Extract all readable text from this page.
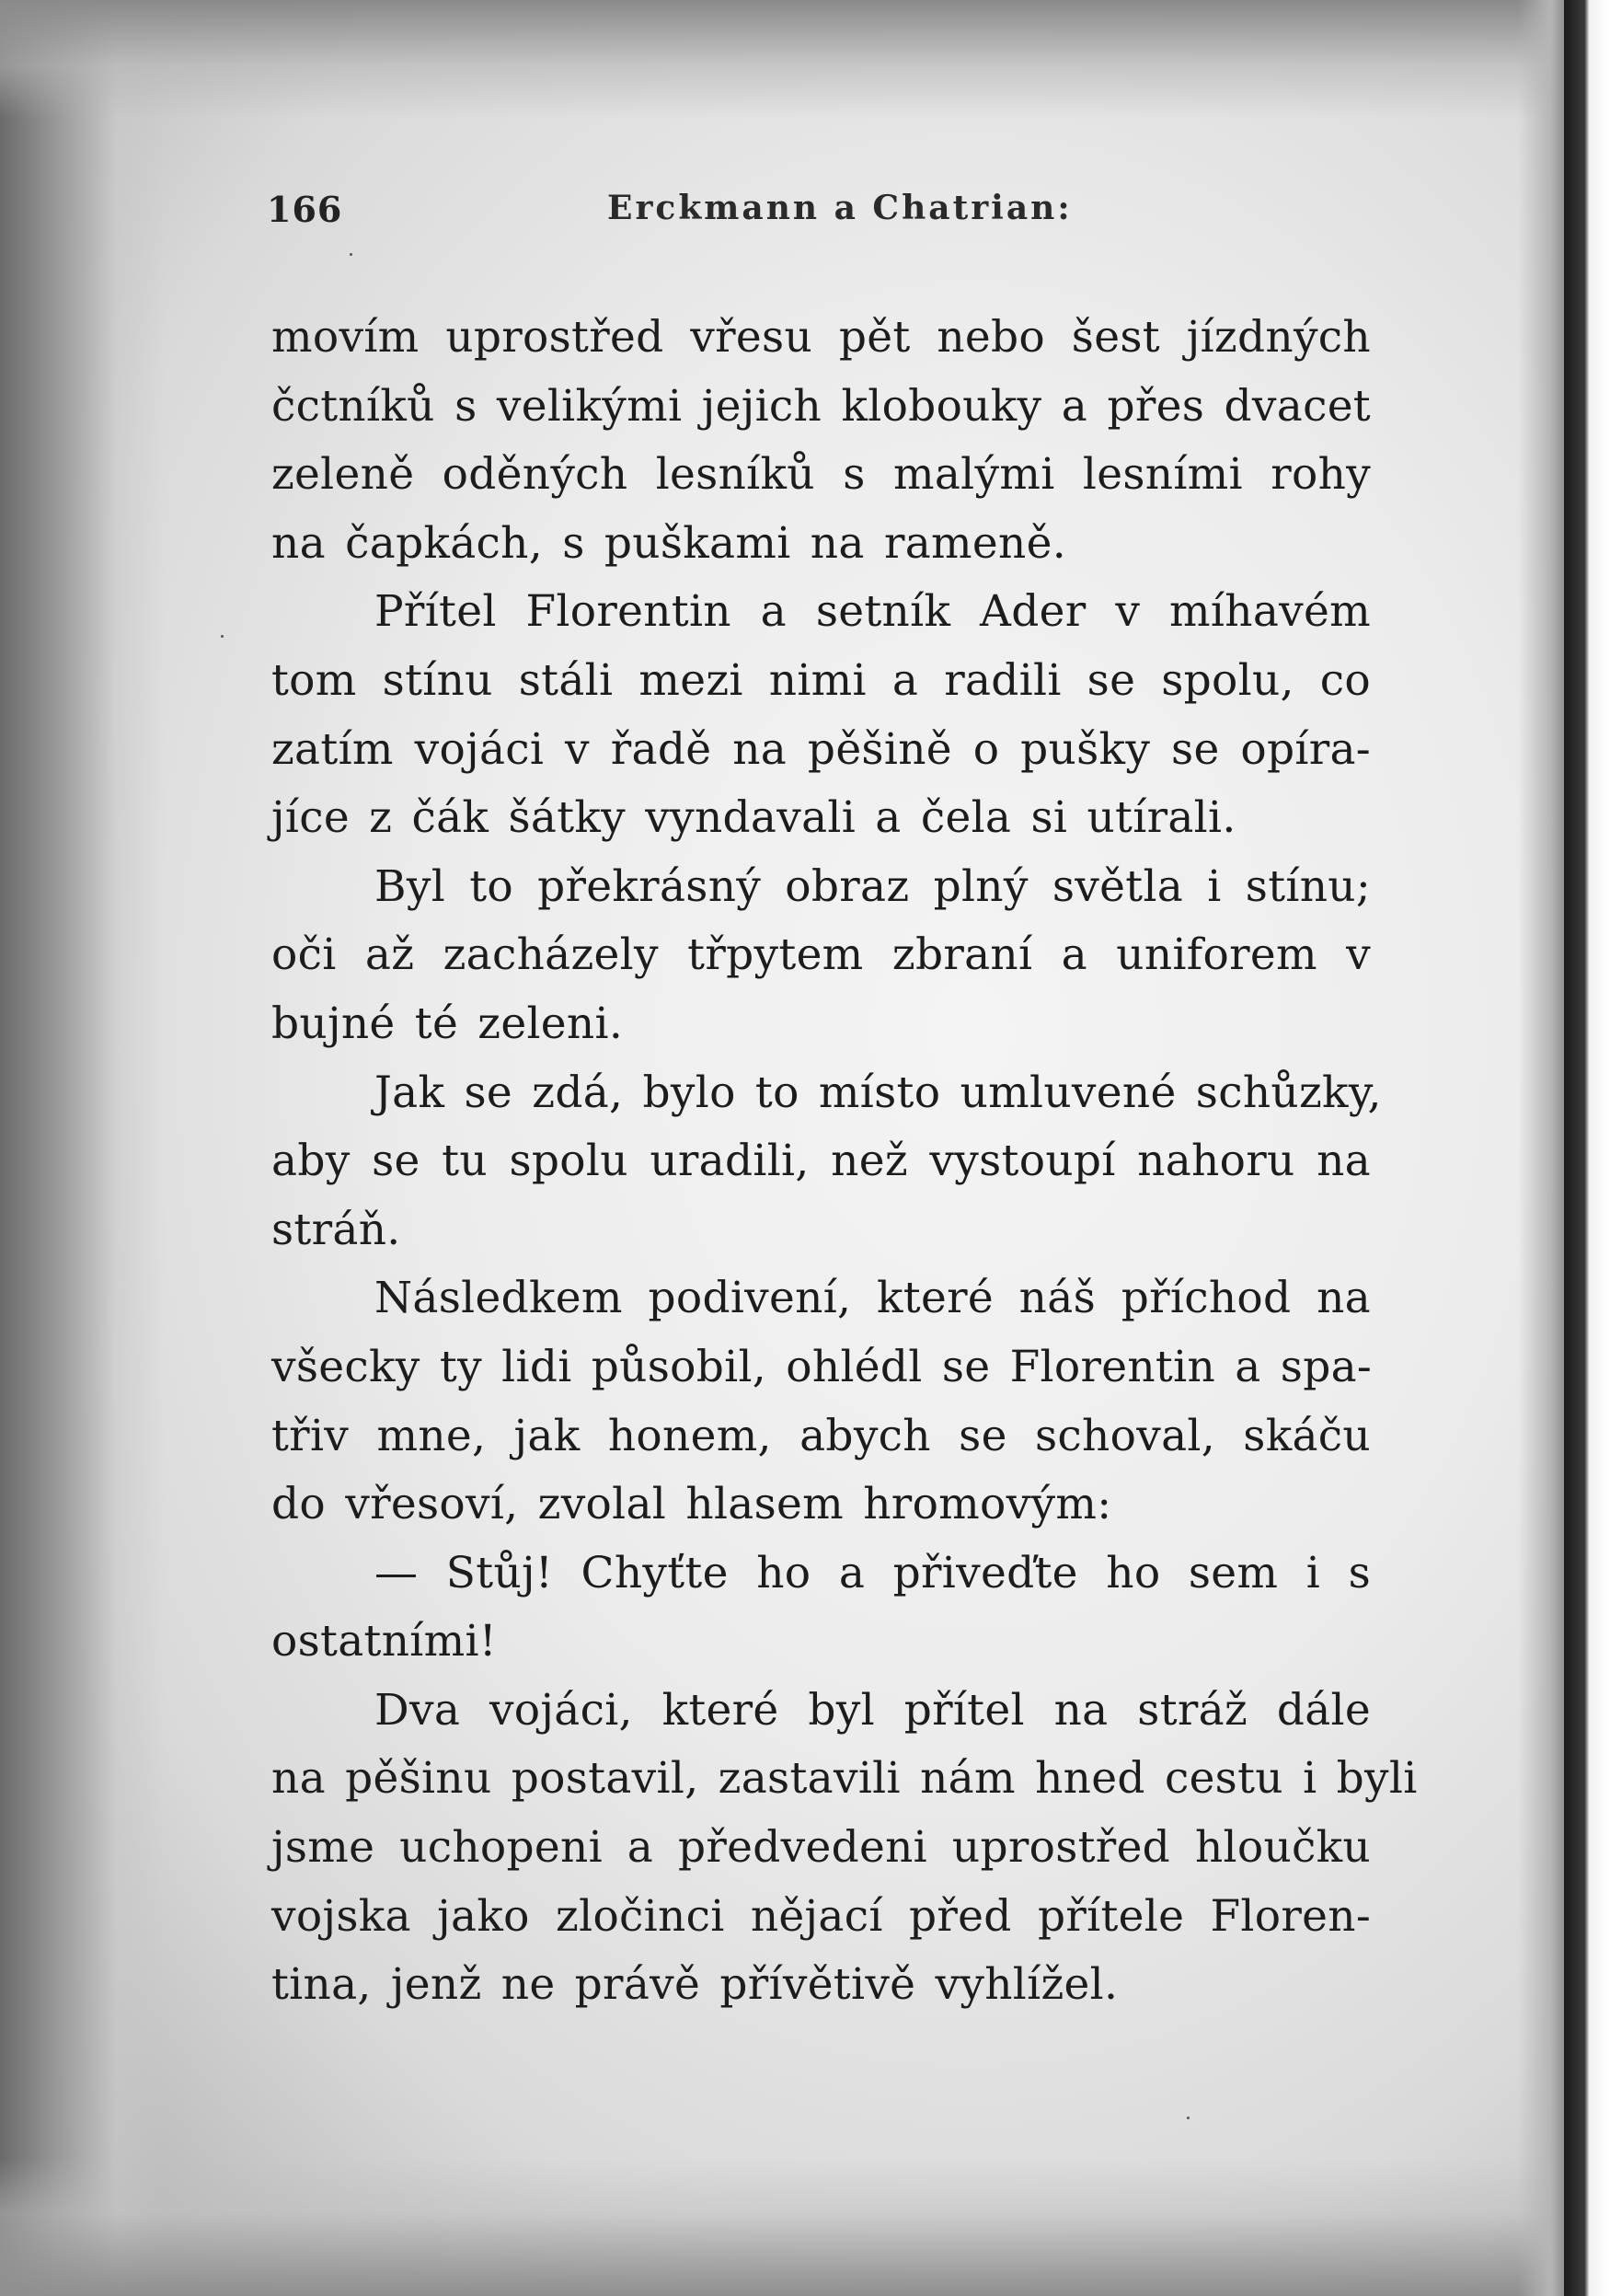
166	Erckmann a Chatrian:
movím uprostřed vřesu pět nebo šest jízdných
čctníků s velikými jejich klobouky a přes dvacet
zeleně oděných lesníků s malými lesními rohy
na čapkách, s puškami na rameně.
Přítel Florentin a setník Ader v míhavém
tom stínu stáli mezi nimi a radili se spolu, co
zatím vojáci v řadě na pěšině o pušky se opíra-
jíce z čák šátky vyndavali a čela si utírali.
Byl to překrásný obraz plný světla i stínu;
oči až zacházely třpytem zbraní a uniforem v
bujné té zeleni.
Jak se zdá, bylo to místo umluvené schůzky,
aby se tu spolu uradili, než vystoupí nahoru na
stráň.
Následkem podivení, které náš příchod na
všecky ty lidi působil, ohlédl se Florentin a spa-
třiv mne, jak honem, abych se schoval, skáču
do vřesoví, zvolal hlasem hromovým:
— Stůj! Chyťte ho a přiveďte ho sem i s
ostatními!
Dva vojáci, které byl přítel na stráž dále
na pěšinu postavil, zastavili nám hned cestu i byli
jsme uchopeni a předvedeni uprostřed hloučku
vojska jako zločinci nějací před přítele Floren-
tina, jenž ne právě přívětivě vyhlížel.
